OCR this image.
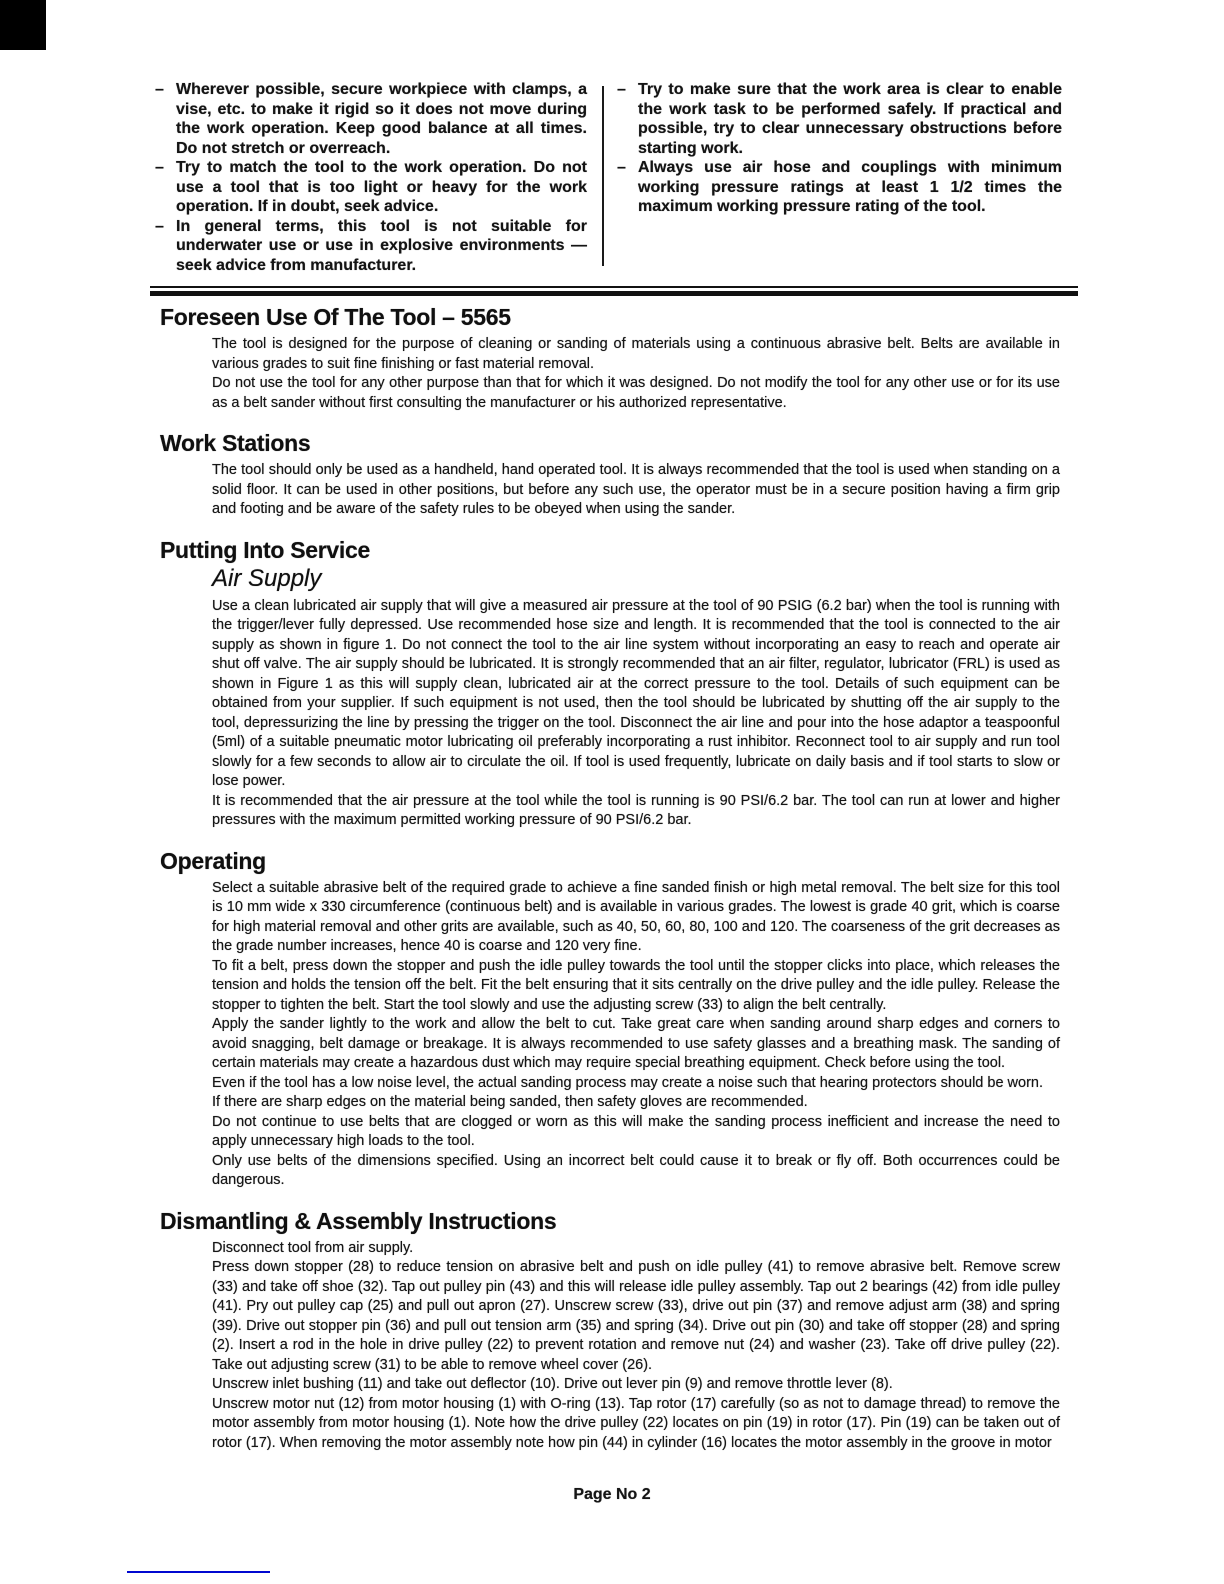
– Wherever possible, secure workpiece with clamps, a vise, etc. to make it rigid so it does not move during the work operation. Keep good balance at all times. Do not stretch or overreach.
– Try to match the tool to the work operation. Do not use a tool that is too light or heavy for the work operation. If in doubt, seek advice.
– In general terms, this tool is not suitable for underwater use or use in explosive environments — seek advice from manufacturer.
– Try to make sure that the work area is clear to enable the work task to be performed safely. If practical and possible, try to clear unnecessary obstructions before starting work.
– Always use air hose and couplings with minimum working pressure ratings at least 1 1/2 times the maximum working pressure rating of the tool.
Foreseen Use Of The Tool – 5565

The tool is designed for the purpose of cleaning or sanding of materials using a continuous abrasive belt. Belts are available in various grades to suit fine finishing or fast material removal.

Do not use the tool for any other purpose than that for which it was designed. Do not modify the tool for any other use or for its use as a belt sander without first consulting the manufacturer or his authorized representative.

Work Stations

The tool should only be used as a handheld, hand operated tool. It is always recommended that the tool is used when standing on a solid floor. It can be used in other positions, but before any such use, the operator must be in a secure position having a firm grip and footing and be aware of the safety rules to be obeyed when using the sander.

Putting Into Service
Air Supply

Use a clean lubricated air supply that will give a measured air pressure at the tool of 90 PSIG (6.2 bar) when the tool is running with the trigger/lever fully depressed. Use recommended hose size and length. It is recommended that the tool is connected to the air supply as shown in figure 1. Do not connect the tool to the air line system without incorporating an easy to reach and operate air shut off valve. The air supply should be lubricated. It is strongly recommended that an air filter, regulator, lubricator (FRL) is used as shown in Figure 1 as this will supply clean, lubricated air at the correct pressure to the tool. Details of such equipment can be obtained from your supplier. If such equipment is not used, then the tool should be lubricated by shutting off the air supply to the tool, depressurizing the line by pressing the trigger on the tool. Disconnect the air line and pour into the hose adaptor a teaspoonful (5ml) of a suitable pneumatic motor lubricating oil preferably incorporating a rust inhibitor. Reconnect tool to air supply and run tool slowly for a few seconds to allow air to circulate the oil. If tool is used frequently, lubricate on daily basis and if tool starts to slow or lose power.

It is recommended that the air pressure at the tool while the tool is running is 90 PSI/6.2 bar. The tool can run at lower and higher pressures with the maximum permitted working pressure of 90 PSI/6.2 bar.

Operating

Select a suitable abrasive belt of the required grade to achieve a fine sanded finish or high metal removal. The belt size for this tool is 10 mm wide x 330 circumference (continuous belt) and is available in various grades. The lowest is grade 40 grit, which is coarse for high material removal and other grits are available, such as 40, 50, 60, 80, 100 and 120. The coarseness of the grit decreases as the grade number increases, hence 40 is coarse and 120 very fine.

To fit a belt, press down the stopper and push the idle pulley towards the tool until the stopper clicks into place, which releases the tension and holds the tension off the belt. Fit the belt ensuring that it sits centrally on the drive pulley and the idle pulley. Release the stopper to tighten the belt. Start the tool slowly and use the adjusting screw (33) to align the belt centrally.

Apply the sander lightly to the work and allow the belt to cut. Take great care when sanding around sharp edges and corners to avoid snagging, belt damage or breakage. It is always recommended to use safety glasses and a breathing mask. The sanding of certain materials may create a hazardous dust which may require special breathing equipment. Check before using the tool.

Even if the tool has a low noise level, the actual sanding process may create a noise such that hearing protectors should be worn.

If there are sharp edges on the material being sanded, then safety gloves are recommended.

Do not continue to use belts that are clogged or worn as this will make the sanding process inefficient and increase the need to apply unnecessary high loads to the tool.

Only use belts of the dimensions specified. Using an incorrect belt could cause it to break or fly off. Both occurrences could be dangerous.

Dismantling & Assembly Instructions

Disconnect tool from air supply.

Press down stopper (28) to reduce tension on abrasive belt and push on idle pulley (41) to remove abrasive belt. Remove screw (33) and take off shoe (32). Tap out pulley pin (43) and this will release idle pulley assembly. Tap out 2 bearings (42) from idle pulley (41). Pry out pulley cap (25) and pull out apron (27). Unscrew screw (33), drive out pin (37) and remove adjust arm (38) and spring (39). Drive out stopper pin (36) and pull out tension arm (35) and spring (34). Drive out pin (30) and take off stopper (28) and spring (2). Insert a rod in the hole in drive pulley (22) to prevent rotation and remove nut (24) and washer (23). Take off drive pulley (22). Take out adjusting screw (31) to be able to remove wheel cover (26).

Unscrew inlet bushing (11) and take out deflector (10). Drive out lever pin (9) and remove throttle lever (8).

Unscrew motor nut (12) from motor housing (1) with O-ring (13). Tap rotor (17) carefully (so as not to damage thread) to remove the motor assembly from motor housing (1). Note how the drive pulley (22) locates on pin (19) in rotor (17). Pin (19) can be taken out of rotor (17). When removing the motor assembly note how pin (44) in cylinder (16) locates the motor assembly in the groove in motor

Page No 2
